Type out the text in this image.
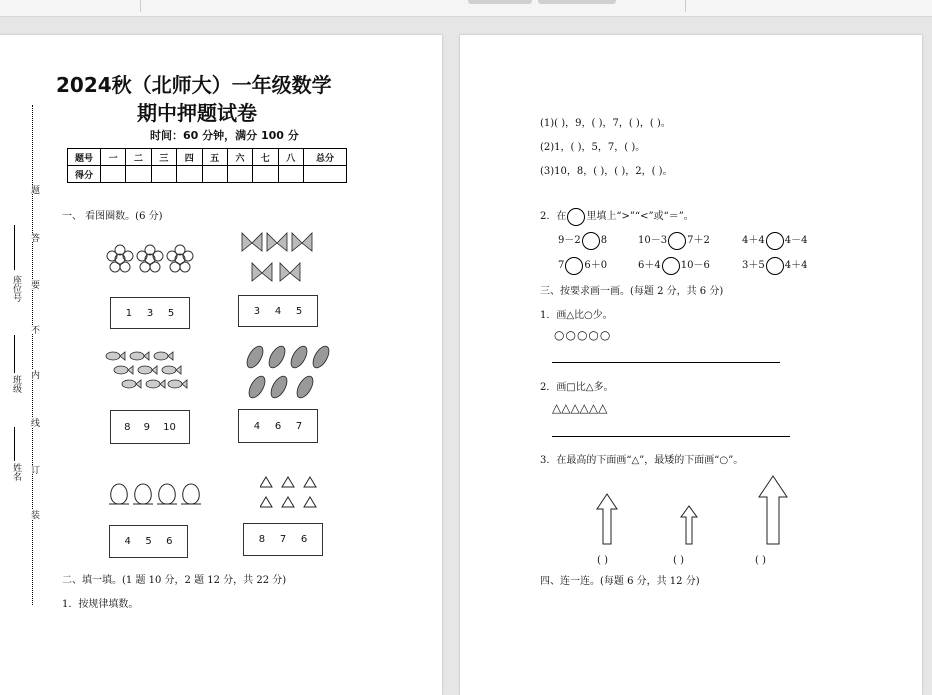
座位号
班级
姓名
题
答
要
不
内
线
订
装
2024秋（北师大）一年级数学
期中押题试卷
时间：60 分钟，满分 100 分
题号	一	二	三	四	五	六	七	八	总分
得分									
一、 看图圈数。(6 分)
1 3 5	3 4 5
8 9 10	4 6 7
4 5 6	8 7 6
二、填一填。(1 题 10 分，2 题 12 分，共 22 分)
1．按规律填数。
(1)( )，9，( )，7，( )，( )。
(2)1，( )，5，7，( )。
(3)10，8，( )，( )，2，( )。
2．在 里填上“>”“<”或“＝”。
9－2 8	10－3 7＋2	4＋4 4－4
7 6＋0	6＋4 10－6	3＋5 4＋4
三、按要求画一画。(每题 2 分，共 6 分)
1．画△比○少。
○○○○○
2．画□比△多。
△△△△△△
3．在最高的下面画“△”，最矮的下面画“○”。
( )	( )	( )
四、连一连。(每题 6 分，共 12 分)
